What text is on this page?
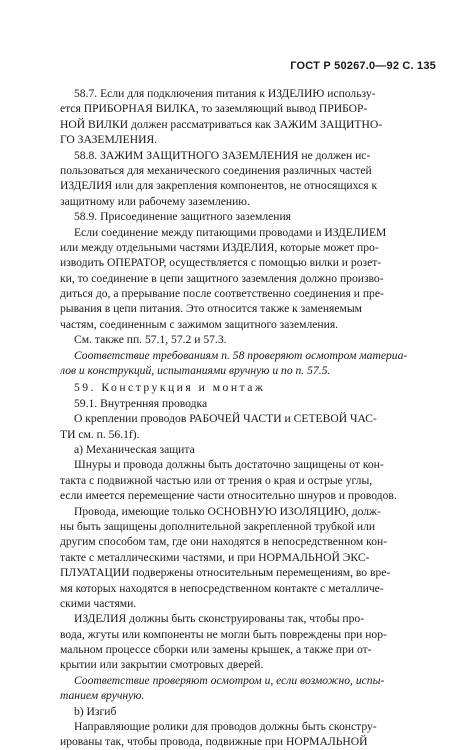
ГОСТ Р 50267.0—92 С. 135
58.7. Если для подключения питания к ИЗДЕЛИЮ использу-
ется ПРИБОРНАЯ ВИЛКА, то заземляющий вывод ПРИБОР-
НОЙ ВИЛКИ должен рассматриваться как ЗАЖИМ ЗАЩИТНО-
ГО ЗАЗЕМЛЕНИЯ.
58.8. ЗАЖИМ ЗАЩИТНОГО ЗАЗЕМЛЕНИЯ не должен ис-
пользоваться для механического соединения различных частей
ИЗДЕЛИЯ или для закрепления компонентов, не относящихся к
защитному или рабочему заземлению.
58.9. Присоединение защитного заземления
Если соединение между питающими проводами и ИЗДЕЛИЕМ
или между отдельными частями ИЗДЕЛИЯ, которые может про-
изводить ОПЕРАТОР, осуществляется с помощью вилки и розет-
ки, то соединение в цепи защитного заземления должно произво-
диться до, а прерывание после соответственно соединения и пре-
рывания в цепи питания. Это относится также к заменяемым
частям, соединенным с зажимом защитного заземления.
См. также пп. 57.1, 57.2 и 57.3.
Соответствие требованиям п. 58 проверяют осмотром материа-
лов и конструкций, испытаниями вручную и по п. 57.5.
59. Конструкция и монтаж
59.1. Внутренняя проводка
О креплении проводов РАБОЧЕЙ ЧАСТИ и СЕТЕВОЙ ЧАС-
ТИ см. п. 56.1f).
а) Механическая защита
Шнуры и провода должны быть достаточно защищены от кон-
такта с подвижной частью или от трения о края и острые углы,
если имеется перемещение части относительно шнуров и проводов.
Провода, имеющие только ОСНОВНУЮ ИЗОЛЯЦИЮ, долж-
ны быть защищены дополнительной закрепленной трубкой или
другим способом там, где они находятся в непосредственном кон-
такте с металлическими частями, и при НОРМАЛЬНОЙ ЭКС-
ПЛУАТАЦИИ подвержены относительным перемещениям, во вре-
мя которых находятся в непосредственном контакте с металличе-
скими частями.
ИЗДЕЛИЯ должны быть сконструированы так, чтобы про-
вода, жгуты или компоненты не могли быть повреждены при нор-
мальном процессе сборки или замены крышек, а также при от-
крытии или закрытии смотровых дверей.
Соответствие проверяют осмотром и, если возможно, испы-
танием вручную.
b) Изгиб
Направляющие ролики для проводов должны быть сконстру-
ированы так, чтобы провода, подвижные при НОРМАЛЬНОЙ
